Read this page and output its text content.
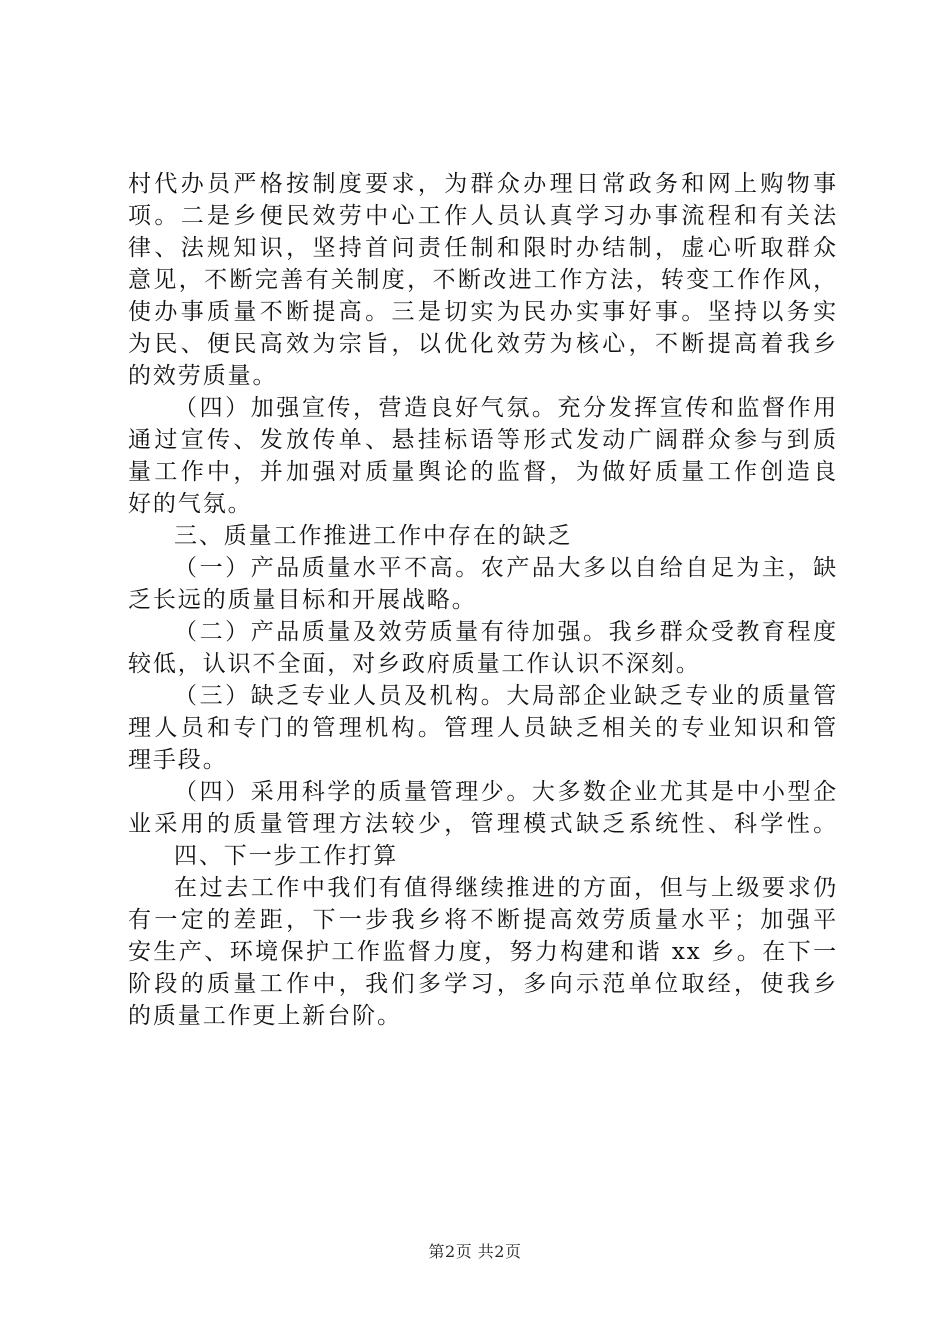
村代办员严格按制度要求，为群众办理日常政务和网上购物事
项。二是乡便民效劳中心工作人员认真学习办事流程和有关法
律、法规知识，坚持首问责任制和限时办结制，虚心听取群众
意见，不断完善有关制度，不断改进工作方法，转变工作作风，
使办事质量不断提高。三是切实为民办实事好事。坚持以务实
为民、便民高效为宗旨，以优化效劳为核心，不断提高着我乡
的效劳质量。
（四）加强宣传，营造良好气氛。充分发挥宣传和监督作用
通过宣传、发放传单、悬挂标语等形式发动广阔群众参与到质
量工作中，并加强对质量舆论的监督，为做好质量工作创造良
好的气氛。
三、质量工作推进工作中存在的缺乏
（一）产品质量水平不高。农产品大多以自给自足为主，缺
乏长远的质量目标和开展战略。
（二）产品质量及效劳质量有待加强。我乡群众受教育程度
较低，认识不全面，对乡政府质量工作认识不深刻。
（三）缺乏专业人员及机构。大局部企业缺乏专业的质量管
理人员和专门的管理机构。管理人员缺乏相关的专业知识和管
理手段。
（四）采用科学的质量管理少。大多数企业尤其是中小型企
业采用的质量管理方法较少，管理模式缺乏系统性、科学性。
四、下一步工作打算
在过去工作中我们有值得继续推进的方面，但与上级要求仍
有一定的差距，下一步我乡将不断提高效劳质量水平；加强平
安生产、环境保护工作监督力度，努力构建和谐 xx 乡。在下一
阶段的质量工作中，我们多学习，多向示范单位取经，使我乡
的质量工作更上新台阶。
第2页 共2页
